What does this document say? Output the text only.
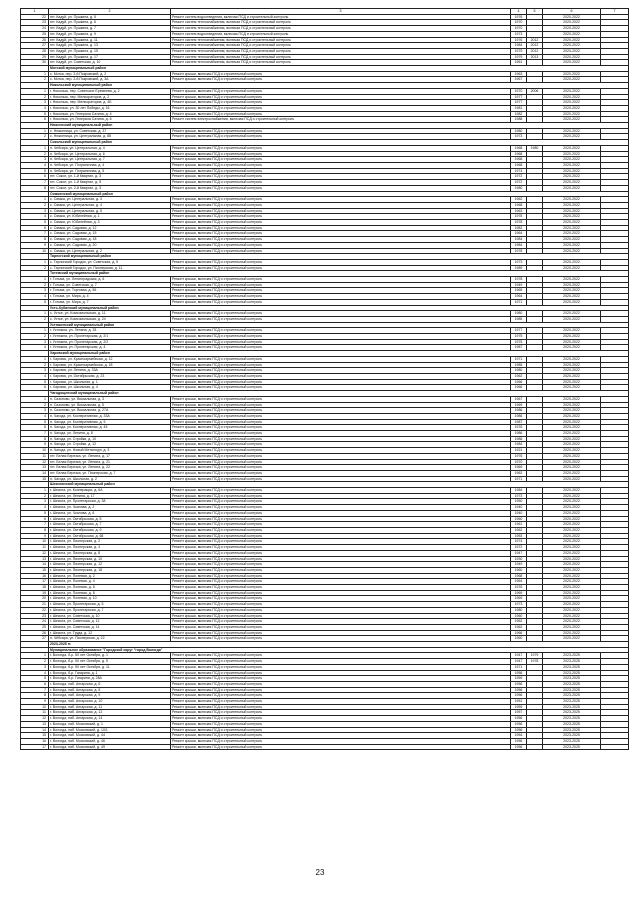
1	2	3	4	5	6	7
22	пгт. Кадуй, ул. Пушкина, д. 5	Ремонт систем водоотведения, включая ПСД и строительный контроль	1976		2020-2022	
23	пгт. Кадуй, ул. Пушкина, д. 6	Ремонт систем теплоснабжения, включая ПСД и строительный контроль	1970		2020-2022	
24	пгт. Кадуй, ул. Пушкина, д. 7	Ремонт систем теплоснабжения, включая ПСД и строительный контроль	1970		2020-2022	
25	пгт. Кадуй, ул. Пушкина, д. 9	Ремонт систем водоотведения, включая ПСД и строительный контроль	1973		2020-2022	
26	пгт. Кадуй, ул. Пушкина, д. 11	Ремонт систем теплоснабжения, включая ПСД и строительный контроль	1976	2012	2020-2022	
27	пгт. Кадуй, ул. Пушкина, д. 13	Ремонт систем теплоснабжения, включая ПСД и строительный контроль	1984	2012	2020-2022	
28	пгт. Кадуй, ул. Пушкина, д. 15	Ремонт систем теплоснабжения, включая ПСД и строительный контроль	1979	2012	2020-2022	
29	пгт. Кадуй, ул. Пушкина, д. 17	Ремонт систем теплоснабжения, включая ПСД и строительный контроль	1979	2013	2020-2022	
30	пгт. Кадуй, ул. Советская, д. 10	Ремонт систем теплоснабжения, включая ПСД и строительный контроль	1961		2020-2022	
	Мотский муниципальный район					
1	с. Мотка, пер. 2-й Покровский, д. 2	Ремонт крыши, включая ПСД и строительный контроль	1963		2020-2022	
2	с. Мотка, пер. 2-й Покровский, д. 3А	Ремонт крыши, включая ПСД и строительный контроль	1967		2020-2022	
	Никольский муниципальный район					
1	г. Никольск, пер. Советское Еремеева, д. 2	Ремонт крыши, включая ПСД и строительный контроль	1970	2006	2020-2022	
2	г. Никольск, пер. Мелиораторов, д. 2	Ремонт крыши, включая ПСД и строительный контроль	1977		2020-2022	
3	г. Никольск, пер. Мелиораторов, д. 4Б	Ремонт крыши, включая ПСД и строительный контроль	1977		2020-2022	
4	г. Никольск, ул. 30 лет Победы, д. 16	Ремонт крыши, включая ПСД и строительный контроль	1981		2020-2022	
5	г. Никольск, ул. Генерала Сатина, д. 4	Ремонт крыши, включая ПСД и строительный контроль	1982		2020-2022	
6	г. Никольск, ул. Генерала Сатина, д. 6	Ремонт систем электроснабжения, включая ПСД и строительный контроль	1988		2020-2022	
	Нюксенский муниципальный район					
1	с. Нюксеница, ул. Советская, д. 37	Ремонт крыши, включая ПСД и строительный контроль	1980		2020-2022	
2	с. Нюксеница, ул. Центральная, д. 88	Ремонт крыши, включая ПСД и строительный контроль	1973		2020-2022	
	Сокольский муниципальный район					
1	п. Чебсара, ул. Центральная, д. 4	Ремонт крыши, включая ПСД и строительный контроль	1968	1980	2020-2022	
2	п. Чебсара, ул. Центральная, д. 6	Ремонт крыши, включая ПСД и строительный контроль	1968		2020-2022	
3	п. Чебсара, ул. Центральная, д. 7	Ремонт крыши, включая ПСД и строительный контроль	1968		2020-2022	
4	п. Чебсара, ул. Пограничная, д. 4	Ремонт крыши, включая ПСД и строительный контроль	1968		2020-2022	
5	п. Чебсара, ул. Пограничная, д. 5	Ремонт крыши, включая ПСД и строительный контроль	1974		2020-2022	
6	пгт. Сокол, ул. 1-й Квартал, д. 3	Ремонт крыши, включая ПСД и строительный контроль	1972		2020-2022	
7	пгт. Сокол, ул. 1-й Квартал, д. 5	Ремонт крыши, включая ПСД и строительный контроль	1972		2020-2022	
8	пгт. Сокол, ул. 2-й Квартал, д. 3	Ремонт крыши, включая ПСД и строительный контроль	1980		2020-2022	
	Сямженский муниципальный район					
1	с. Сямжа, ул. Центральная, д. 3	Ремонт крыши, включая ПСД и строительный контроль	1962		2020-2022	
2	с. Сямжа, ул. Центральная, д. 4	Ремонт крыши, включая ПСД и строительный контроль	1968		2020-2022	
3	с. Сямжа, ул. Центральная, д. 5	Ремонт крыши, включая ПСД и строительный контроль	1963		2020-2022	
4	с. Сямжа, ул. Юбилейная, д. 1	Ремонт крыши, включая ПСД и строительный контроль	1978		2020-2022	
5	с. Сямжа, ул. Юбилейная, д. 3	Ремонт крыши, включая ПСД и строительный контроль	1978		2020-2022	
6	с. Сямжа, ул. Садовая, д. 12	Ремонт крыши, включая ПСД и строительный контроль	1982		2020-2022	
7	с. Сямжа, ул. Садовая, д. 15	Ремонт крыши, включая ПСД и строительный контроль	1964		2020-2022	
8	с. Сямжа, ул. Садовая, д. 18	Ремонт крыши, включая ПСД и строительный контроль	1984		2020-2022	
9	с. Сямжа, ул. Садовая, д. 20	Ремонт крыши, включая ПСД и строительный контроль	1984		2020-2022	
10	с. Сямжа, ул. Центральная, д. 2	Ремонт крыши, включая ПСД и строительный контроль	1978		2020-2022	
	Тарногский муниципальный район					
1	с. Тарногский Городок, ул. Советская, д. 5	Ремонт крыши, включая ПСД и строительный контроль	1973		2020-2022	
2	с. Тарногский Городок, ул. Пионерская, д. 11	Ремонт крыши, включая ПСД и строительный контроль	1989		2020-2022	
	Тотемский муниципальный район					
1	г. Тотьма, ул. Ленинградская, д. 6	Ремонт крыши, включая ПСД и строительный контроль	1978		2020-2022	
2	г. Тотьма, ул. Советская, д. 7	Ремонт крыши, включая ПСД и строительный контроль	1949		2020-2022	
3	г. Тотьма, ул. Торговая, д. 56	Ремонт крыши, включая ПСД и строительный контроль	1965		2020-2022	
4	г. Тотьма, ул. Мира, д. 4	Ремонт крыши, включая ПСД и строительный контроль	1964		2020-2022	
5	г. Тотьма, ул. Мира, д. 7	Ремонт крыши, включая ПСД и строительный контроль	1971		2020-2022	
	Усть-Кубинский муниципальный район					
1	с. Устье, ул. Комсомольская, д. 11	Ремонт крыши, включая ПСД и строительный контроль	1980		2020-2022	
2	с. Устье, ул. Комсомольская, д. 24	Ремонт крыши, включая ПСД и строительный контроль	1985		2020-2022	
	Устюженский муниципальный район					
1	г. Устюжна, ул. Ленина, д. 33	Ремонт крыши, включая ПСД и строительный контроль	1977		2020-2022	
2	г. Устюжна, ул. Пролетарская, д. 2/1	Ремонт крыши, включая ПСД и строительный контроль	1975		2020-2022	
3	г. Устюжна, ул. Пролетарская, д. 2/2	Ремонт крыши, включая ПСД и строительный контроль	1975		2020-2022	
4	г. Устюжна, ул. Пролетарская, д. 4	Ремонт крыши, включая ПСД и строительный контроль	1987		2020-2022	
	Харовский муниципальный район					
1	г. Харовск, ул. Красноармейская, д. 12	Ремонт крыши, включая ПСД и строительный контроль	1971		2020-2022	
2	г. Харовск, ул. Красноармейская, д. 18	Ремонт крыши, включая ПСД и строительный контроль	1985		2020-2022	
3	г. Харовск, ул. Ленина, д. 33А	Ремонт крыши, включая ПСД и строительный контроль	1980		2020-2022	
4	г. Харовск, ул. Октябрьская, д. 23	Ремонт крыши, включая ПСД и строительный контроль	1962		2020-2022	
5	г. Харовск, ул. Школьная, д. 1	Ремонт крыши, включая ПСД и строительный контроль	1966		2020-2022	
6	г. Харовск, ул. Школьная, д. 4	Ремонт крыши, включая ПСД и строительный контроль	1966		2020-2022	
	Чагодощенский муниципальный район					
1	п. Сазоново, ул. Вокзальная, д. 3	Ремонт крыши, включая ПСД и строительный контроль	1967		2020-2022	
2	п. Сазоново, ул. Вокзальная, д. 5	Ремонт крыши, включая ПСД и строительный контроль	1969		2020-2022	
3	п. Сазоново, ул. Вокзальная, д. 27А	Ремонт крыши, включая ПСД и строительный контроль	1986		2020-2022	
4	п. Чагода, ул. Кооперативная, д. 33А	Ремонт крыши, включая ПСД и строительный контроль	1986		2020-2022	
5	п. Чагода, ул. Кооперативная, д. 5	Ремонт крыши, включая ПСД и строительный контроль	1987		2020-2022	
6	п. Чагода, ул. Кооперативная, д. 45	Ремонт крыши, включая ПСД и строительный контроль	1976		2020-2022	
7	п. Чагода, ул. Ленина, д. 8	Ремонт крыши, включая ПСД и строительный контроль	1986		2020-2022	
8	п. Чагода, ул. Стройки, д. 10	Ремонт крыши, включая ПСД и строительный контроль	1986		2020-2022	
9	п. Чагода, ул. Стройки, д. 12	Ремонт крыши, включая ПСД и строительный контроль	1984		2020-2022	
10	п. Чагода, ул. Новый Металлург, д. 3	Ремонт крыши, включая ПСД и строительный контроль	1921		2020-2022	
11	пгт. Белая Березка, ул. Ленина, д. 17	Ремонт крыши, включая ПСД и строительный контроль	1976		2020-2022	
12	пгт. Белая Березка, ул. Ленина, д. 21	Ремонт крыши, включая ПСД и строительный контроль	1970		2020-2022	
13	пгт. Белая Березка, ул. Ленина, д. 22	Ремонт крыши, включая ПСД и строительный контроль	1969		2020-2022	
14	пгт. Белая Березка, ул. Пионерская, д. 7	Ремонт крыши, включая ПСД и строительный контроль	1962		2020-2022	
15	п. Чагода, ул. Школьная, д. 2	Ремонт крыши, включая ПСД и строительный контроль	1971		2020-2022	
	Шекснинский муниципальный район					
1	г. Шексна, ул. Кооперации, д. 6А	Ремонт крыши, включая ПСД и строительный контроль	1984		2020-2022	
2	г. Шексна, ул. Ленина, д. 17	Ремонт крыши, включая ПСД и строительный контроль	1973		2020-2022	
3	г. Шексна, ул. Пролетарская, д. 38	Ремонт крыши, включая ПСД и строительный контроль	1950		2020-2022	
4	г. Шексна, ул. Чкалова, д. 2	Ремонт крыши, включая ПСД и строительный контроль	1940		2020-2022	
5	г. Шексна, ул. Чкалова, д. 6	Ремонт крыши, включая ПСД и строительный контроль	1940		2020-2022	
6	г. Шексна, ул. Октябрьская, д. 5	Ремонт крыши, включая ПСД и строительный контроль	1960		2020-2022	
7	г. Шексна, ул. Октябрьская, д. 7	Ремонт крыши, включая ПСД и строительный контроль	1961		2020-2022	
8	г. Шексна, ул. Октябрьская, д. 9	Ремонт крыши, включая ПСД и строительный контроль	1962		2020-2022	
9	г. Шексна, ул. Октябрьская, д. 68	Ремонт крыши, включая ПСД и строительный контроль	1953		2020-2022	
10	г. Шексна, ул. Пионерская, д. 2	Ремонт крыши, включая ПСД и строительный контроль	1974		2020-2022	
11	г. Шексна, ул. Пионерская, д. 4	Ремонт крыши, включая ПСД и строительный контроль	1972		2020-2022	
12	г. Шексна, ул. Пионерская, д. 8	Ремонт крыши, включая ПСД и строительный контроль	1947		2020-2022	
13	г. Шексна, ул. Пионерская, д. 10	Ремонт крыши, включая ПСД и строительный контроль	1930		2020-2022	
14	г. Шексна, ул. Пионерская, д. 12	Ремонт крыши, включая ПСД и строительный контроль	1949		2020-2022	
15	г. Шексна, ул. Пионерская, д. 18	Ремонт крыши, включая ПСД и строительный контроль	1960		2020-2022	
16	г. Шексна, ул. Полевая, д. 2	Ремонт крыши, включая ПСД и строительный контроль	1968		2020-2022	
17	г. Шексна, ул. Полевая, д. 4	Ремонт крыши, включая ПСД и строительный контроль	1964		2020-2022	
18	г. Шексна, ул. Полевая, д. 6	Ремонт крыши, включая ПСД и строительный контроль	1976		2020-2022	
19	г. Шексна, ул. Полевая, д. 8	Ремонт крыши, включая ПСД и строительный контроль	1969		2020-2022	
20	г. Шексна, ул. Полевая, д. 10	Ремонт крыши, включая ПСД и строительный контроль	1969		2020-2022	
21	г. Шексна, ул. Пролетарская, д. 5	Ремонт крыши, включая ПСД и строительный контроль	1973		2020-2022	
22	г. Шексна, ул. Пролетарская, д. 7	Ремонт крыши, включая ПСД и строительный контроль	1980		2020-2022	
23	г. Шексна, ул. Советская, д. 10	Ремонт крыши, включая ПСД и строительный контроль	1960		2020-2022	
24	г. Шексна, ул. Советская, д. 12	Ремонт крыши, включая ПСД и строительный контроль	1962		2020-2022	
25	г. Шексна, ул. Советская, д. 14	Ремонт крыши, включая ПСД и строительный контроль	1962		2020-2022	
26	г. Шексна, ул. Труда, д. 12	Ремонт крыши, включая ПСД и строительный контроль	1966		2020-2022	
27	п. Чёбсара, ул. Пионерская, д. 22	Ремонт крыши, включая ПСД и строительный контроль	1960		2020-2022	
	2023-2025 гг.					
	Муниципальное образование "Городской округ "город Вологда"					
1	г. Вологда, б-р. 50 лет Октября, д. 1	Ремонт крыши, включая ПСД и строительный контроль	1947	1979	2023-2025	
2	г. Вологда, б-р. 50 лет Октября, д. 5	Ремонт крыши, включая ПСД и строительный контроль	1947	1978	2023-2025	
3	г. Вологда, б-р. 50 лет Октября, д. 11	Ремонт крыши, включая ПСД и строительный контроль	1971		2023-2025	
4	г. Вологда, б-р. Гагарина, д. 1	Ремонт крыши, включая ПСД и строительный контроль	1956		2023-2025	
5	г. Вологда, б-р. Гагарина, д. 28А	Ремонт крыши, включая ПСД и строительный контроль	1959		2023-2025	
6	г. Вологда, наб. Ангарская, д. 6	Ремонт крыши, включая ПСД и строительный контроль	1956		2023-2025	
7	г. Вологда, наб. Ангарская, д. 8	Ремонт крыши, включая ПСД и строительный контроль	1956		2023-2025	
8	г. Вологда, наб. Ангарская, д. 9	Ремонт крыши, включая ПСД и строительный контроль	1956		2023-2025	
9	г. Вологда, наб. Ангарская, д. 10	Ремонт крыши, включая ПСД и строительный контроль	1951		2023-2025	
10	г. Вологда, наб. Ангарская, д. 11	Ремонт крыши, включая ПСД и строительный контроль	1959		2023-2025	
11	г. Вологда, наб. Ангарская, д. 12	Ремонт крыши, включая ПСД и строительный контроль	1957		2023-2025	
12	г. Вологда, наб. Ангарская, д. 14	Ремонт крыши, включая ПСД и строительный контроль	1956		2023-2025	
13	г. Вологда, наб. Московский, д. 1	Ремонт крыши, включая ПСД и строительный контроль	1956		2023-2025	
14	г. Вологда, наб. Московский, д. 10/1	Ремонт крыши, включая ПСД и строительный контроль	1956		2023-2025	
15	г. Вологда, наб. Московский, д. 44	Ремонт крыши, включая ПСД и строительный контроль	1954		2023-2025	
16	г. Вологда, наб. Московский, д. 46	Ремонт крыши, включая ПСД и строительный контроль	1956		2023-2025	
17	г. Вологда, наб. Московский, д. 49	Ремонт крыши, включая ПСД и строительный контроль	1956		2023-2025	
23
